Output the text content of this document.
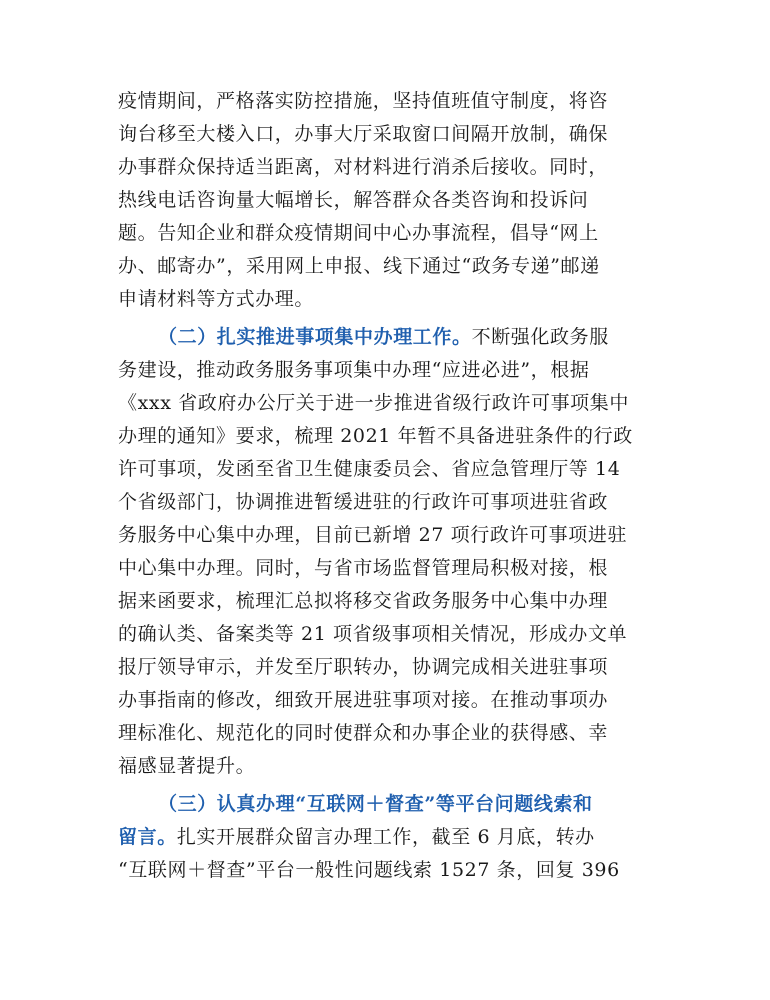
疫情期间，严格落实防控措施，坚持值班值守制度，将咨
询台移至大楼入口，办事大厅采取窗口间隔开放制，确保
办事群众保持适当距离，对材料进行消杀后接收。同时，
热线电话咨询量大幅增长，解答群众各类咨询和投诉问
题。告知企业和群众疫情期间中心办事流程，倡导“网上
办、邮寄办”，采用网上申报、线下通过“政务专递”邮递
申请材料等方式办理。
（二）扎实推进事项集中办理工作。不断强化政务服
务建设，推动政务服务事项集中办理“应进必进”，根据
《xxx 省政府办公厅关于进一步推进省级行政许可事项集中
办理的通知》要求，梳理 2021 年暂不具备进驻条件的行政
许可事项，发函至省卫生健康委员会、省应急管理厅等 14
个省级部门，协调推进暂缓进驻的行政许可事项进驻省政
务服务中心集中办理，目前已新增 27 项行政许可事项进驻
中心集中办理。同时，与省市场监督管理局积极对接，根
据来函要求，梳理汇总拟将移交省政务服务中心集中办理
的确认类、备案类等 21 项省级事项相关情况，形成办文单
报厅领导审示，并发至厅职转办，协调完成相关进驻事项
办事指南的修改，细致开展进驻事项对接。在推动事项办
理标准化、规范化的同时使群众和办事企业的获得感、幸
福感显著提升。
（三）认真办理“互联网＋督查”等平台问题线索和
留言。扎实开展群众留言办理工作，截至 6 月底，转办
“互联网＋督查”平台一般性问题线索 1527 条，回复 396
